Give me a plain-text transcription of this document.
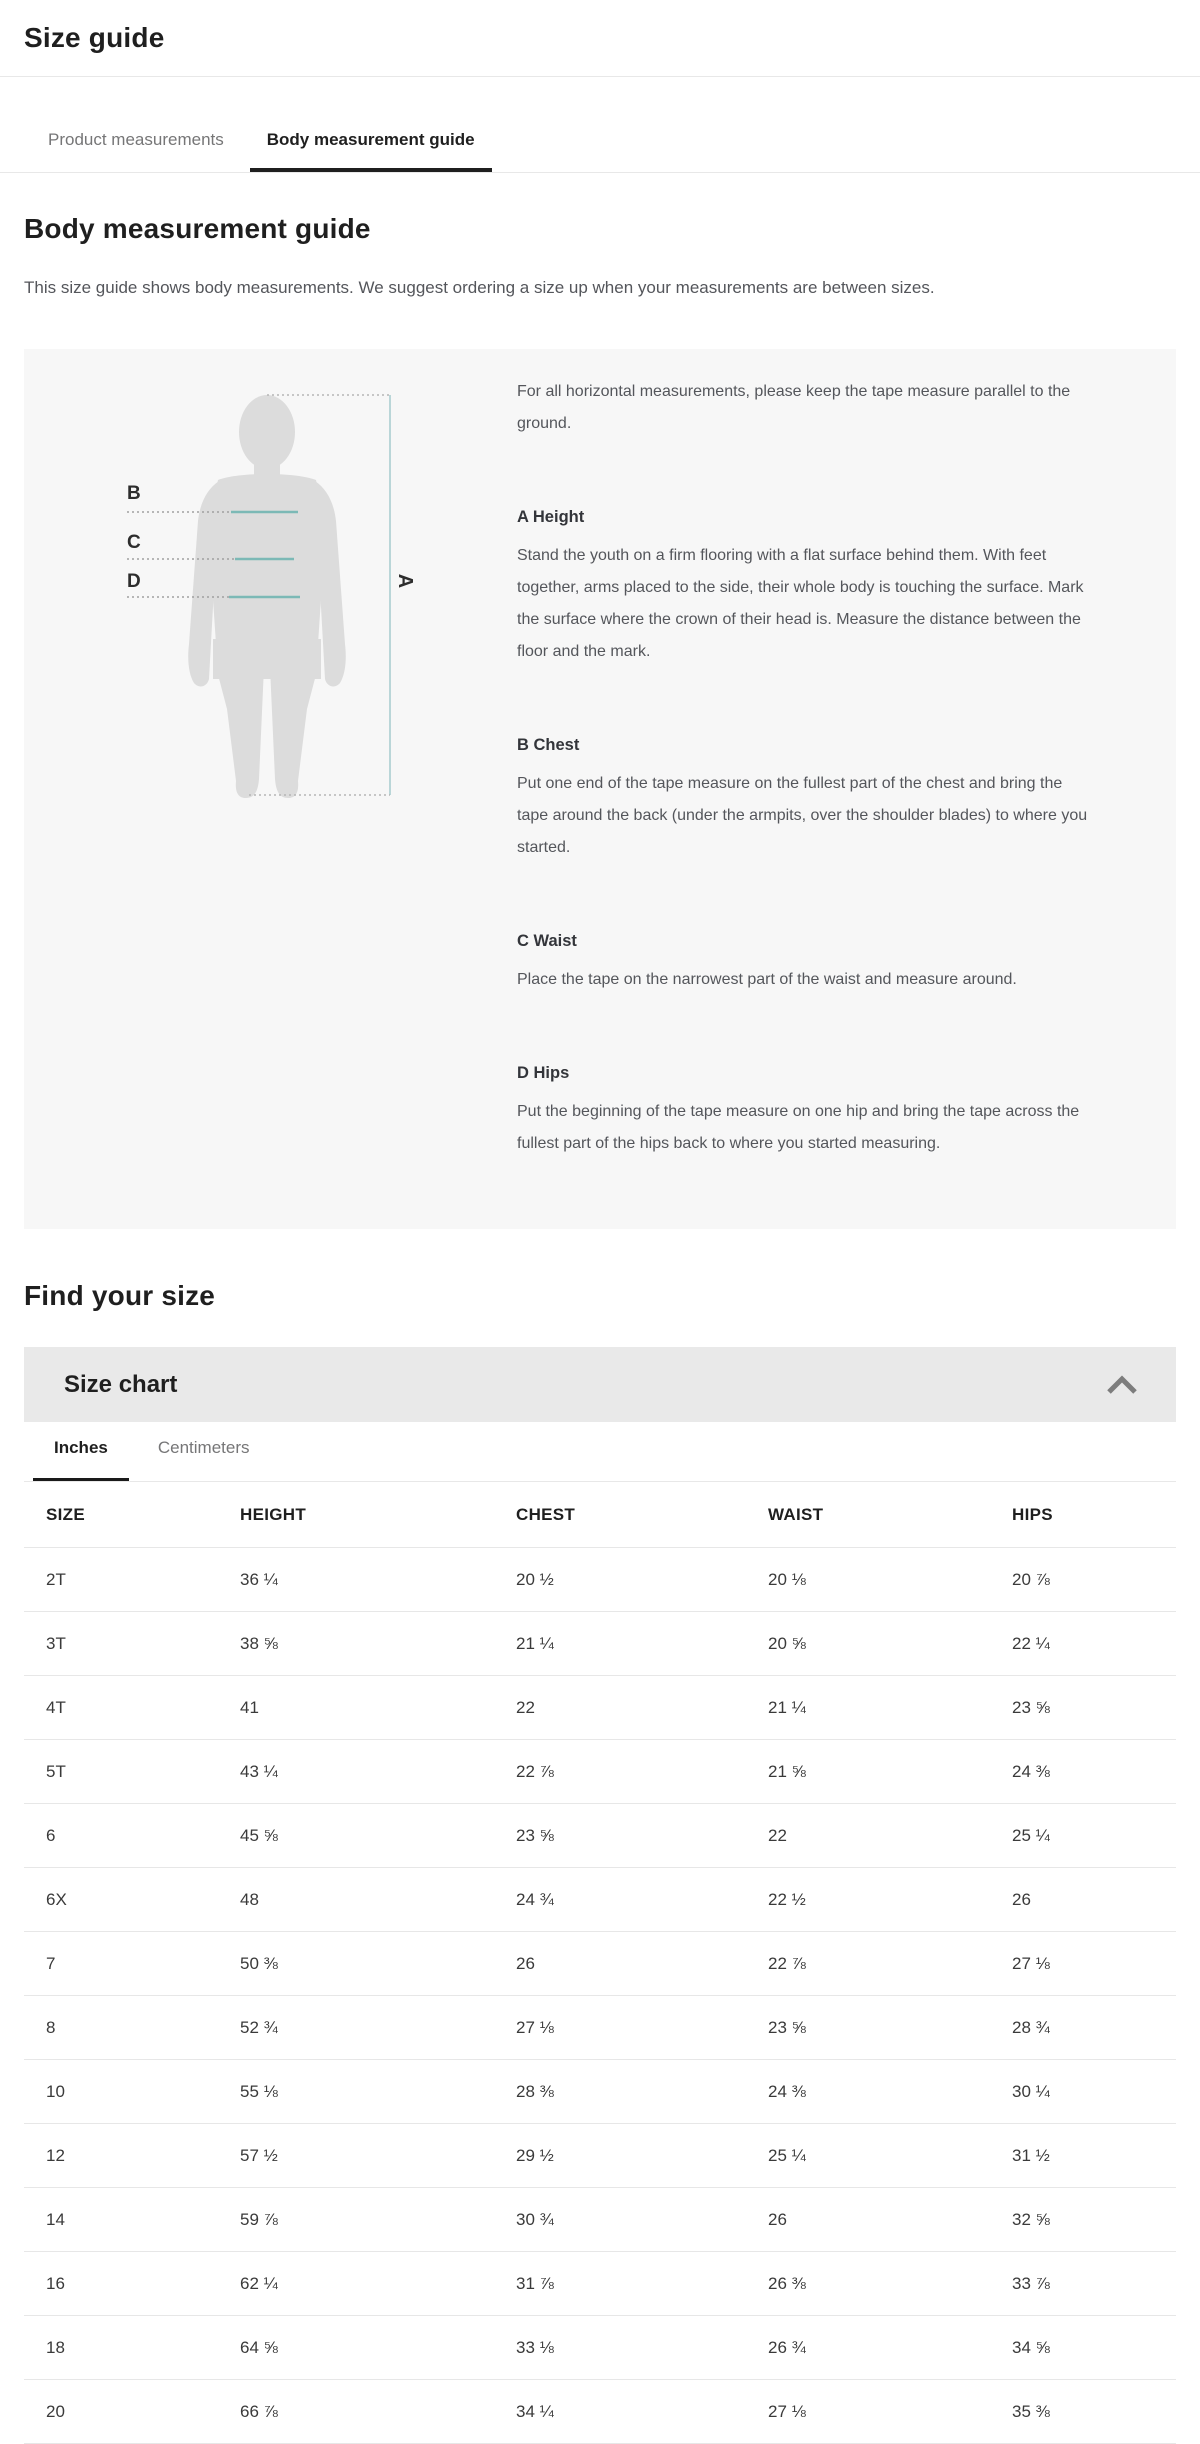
Size guide
Product measurements	Body measurement guide
Body measurement guide

This size guide shows body measurements. We suggest ordering a size up when your measurements are between sizes.

A
B
C
D

For all horizontal measurements, please keep the tape measure parallel to the ground.

A Height

Stand the youth on a firm flooring with a flat surface behind them. With feet together, arms placed to the side, their whole body is touching the surface. Mark the surface where the crown of their head is. Measure the distance between the floor and the mark.

B Chest

Put one end of the tape measure on the fullest part of the chest and bring the tape around the back (under the armpits, over the shoulder blades) to where you started.

C Waist

Place the tape on the narrowest part of the waist and measure around.

D Hips

Put the beginning of the tape measure on one hip and bring the tape across the fullest part of the hips back to where you started measuring.

Find your size
Size chart
Inches	Centimeters
SIZE	HEIGHT	CHEST	WAIST	HIPS
2T	36 ¼	20 ½	20 ⅛	20 ⅞
3T	38 ⅝	21 ¼	20 ⅝	22 ¼
4T	41	22	21 ¼	23 ⅝
5T	43 ¼	22 ⅞	21 ⅝	24 ⅜
6	45 ⅝	23 ⅝	22	25 ¼
6X	48	24 ¾	22 ½	26
7	50 ⅜	26	22 ⅞	27 ⅛
8	52 ¾	27 ⅛	23 ⅝	28 ¾
10	55 ⅛	28 ⅜	24 ⅜	30 ¼
12	57 ½	29 ½	25 ¼	31 ½
14	59 ⅞	30 ¾	26	32 ⅝
16	62 ¼	31 ⅞	26 ⅜	33 ⅞
18	64 ⅝	33 ⅛	26 ¾	34 ⅝
20	66 ⅞	34 ¼	27 ⅛	35 ⅜
